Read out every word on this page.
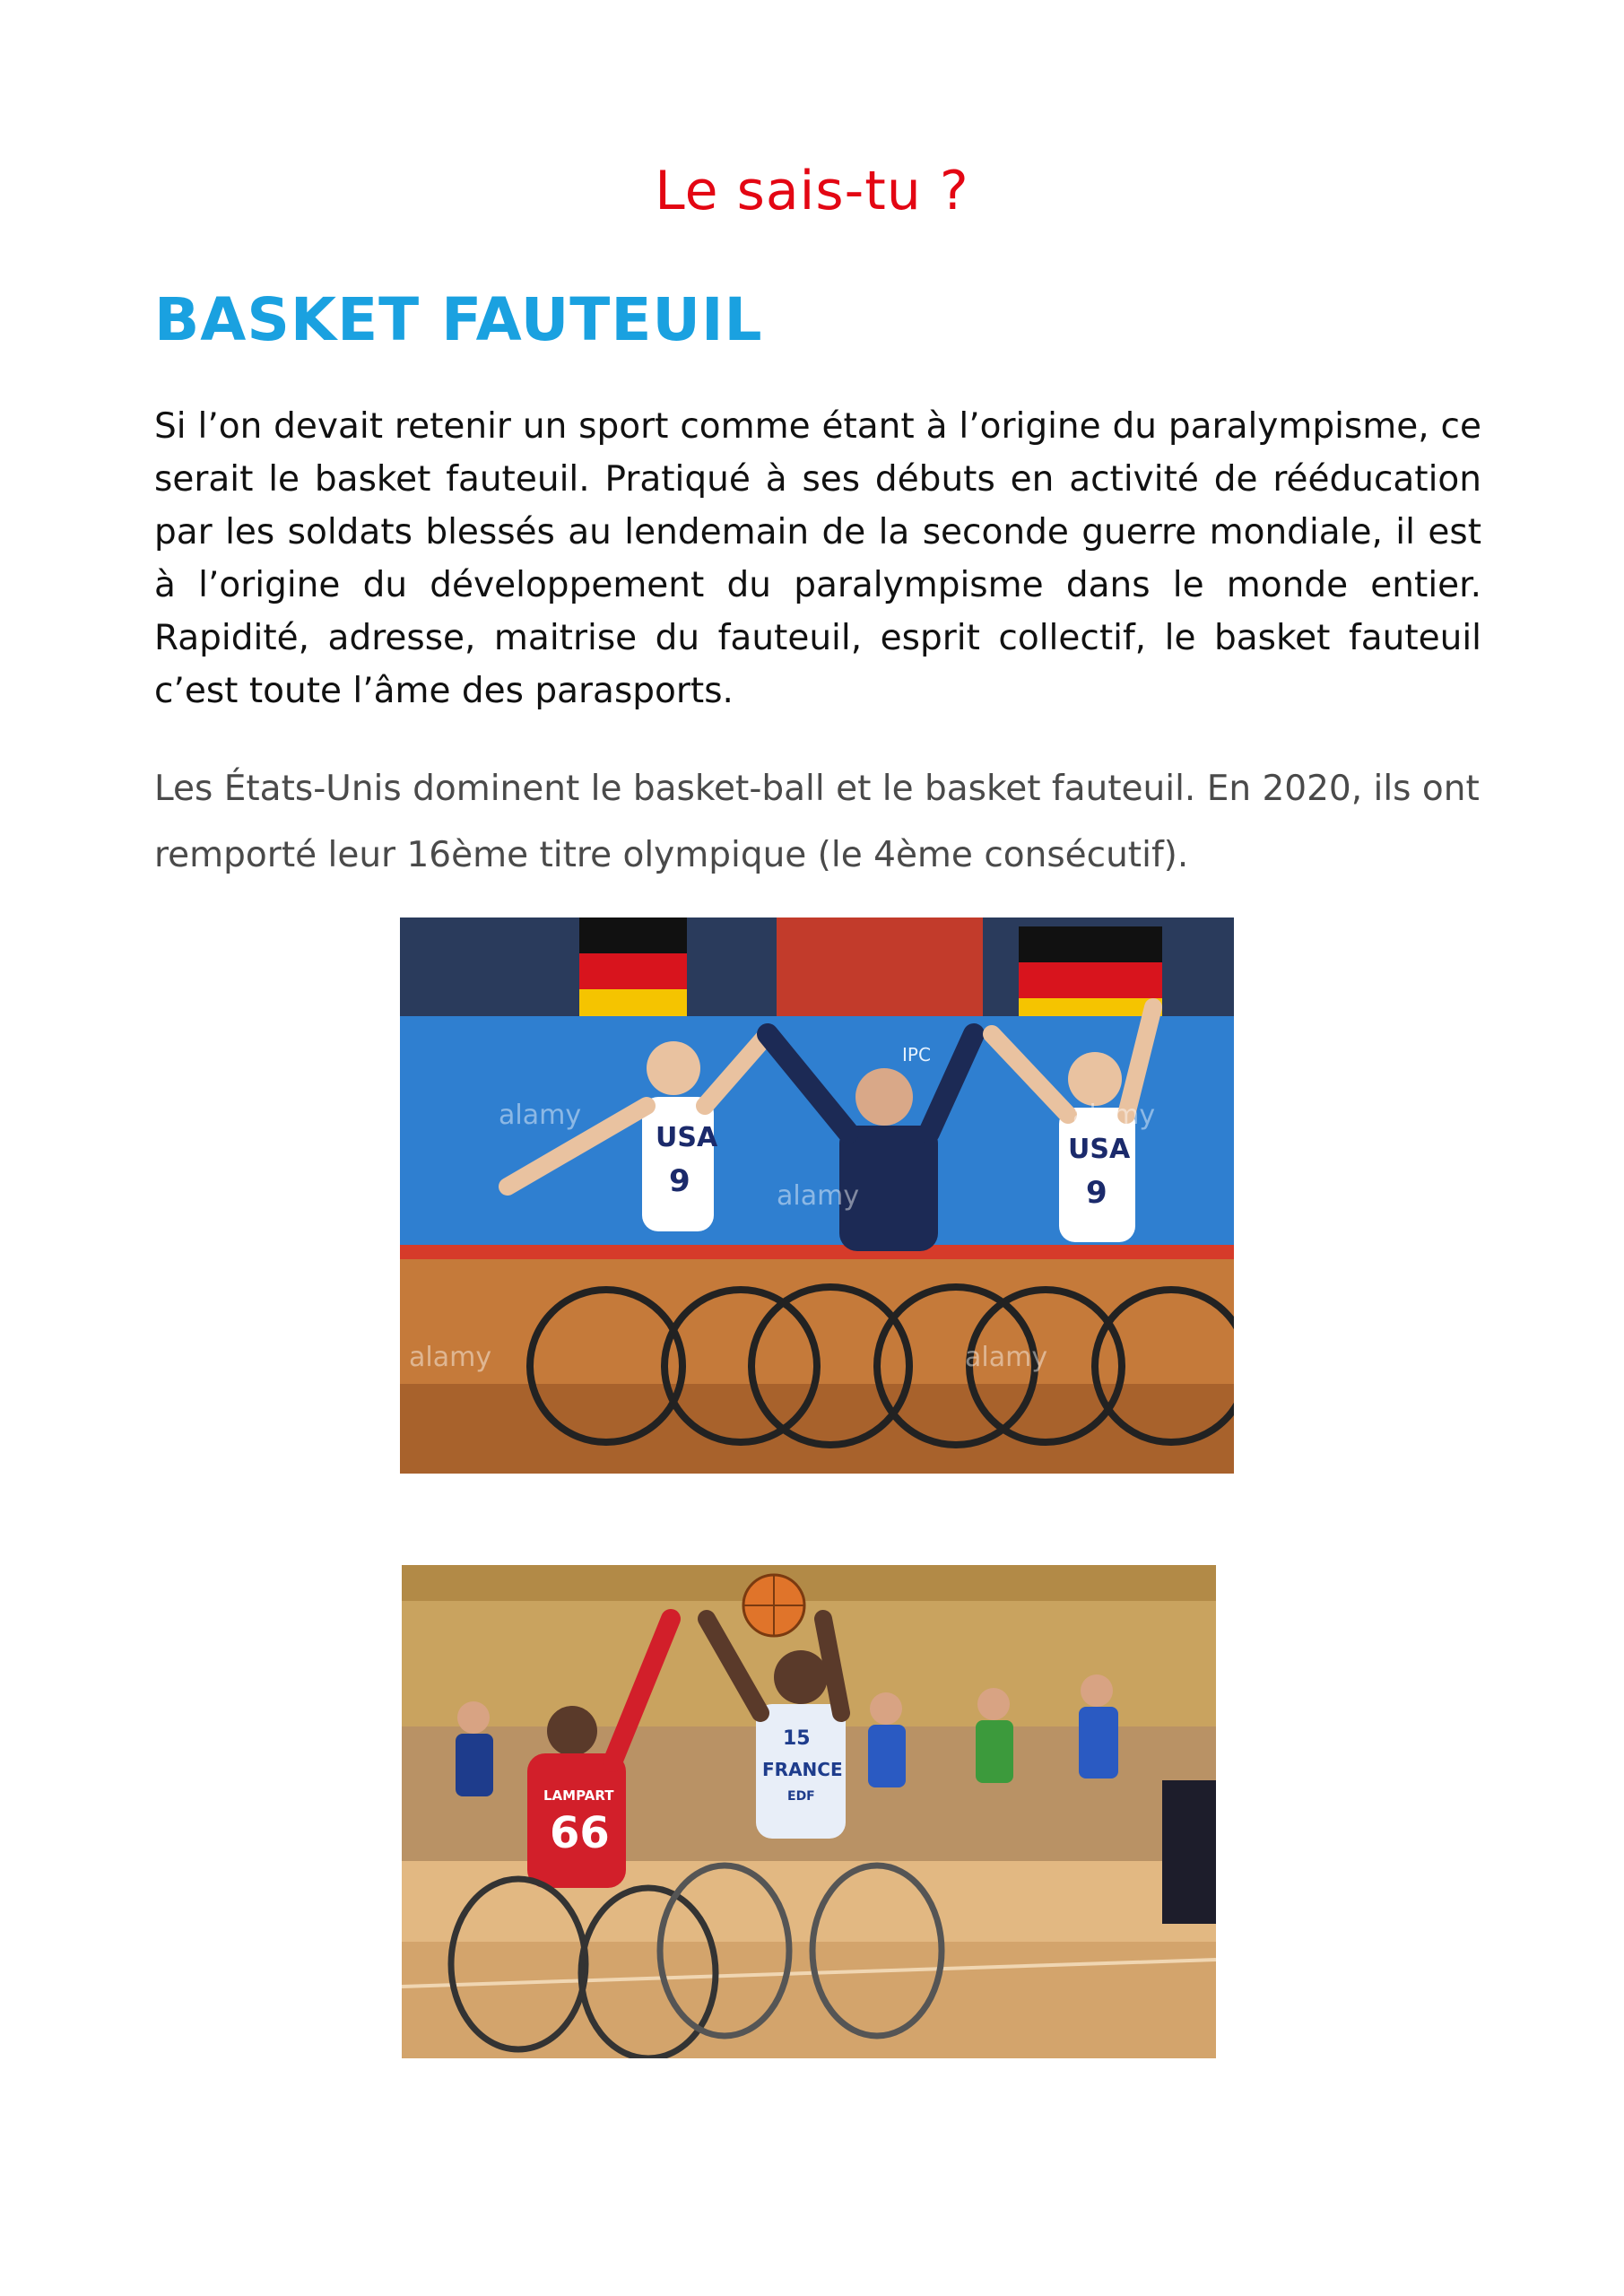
Le sais-tu ?
BASKET FAUTEUIL

Si l’on devait retenir un sport comme étant à l’origine du paralympisme, ce serait le basket fauteuil. Pratiqué à ses débuts en activité de rééducation par les soldats blessés au lendemain de la seconde guerre mondiale, il est à l’origine du développement du paralympisme dans le monde entier. Rapidité, adresse, maitrise du fauteuil, esprit collectif, le basket fauteuil c’est toute l’âme des parasports.

Les États-Unis dominent le basket-ball et le basket fauteuil. En 2020, ils ont remporté leur 16ème titre olympique (le 4ème consécutif).

IPC
USA
9
USA
9
alamy
alamy
alamy	alamy
alamy
LAMPART
66
15
FRANCE
EDF
